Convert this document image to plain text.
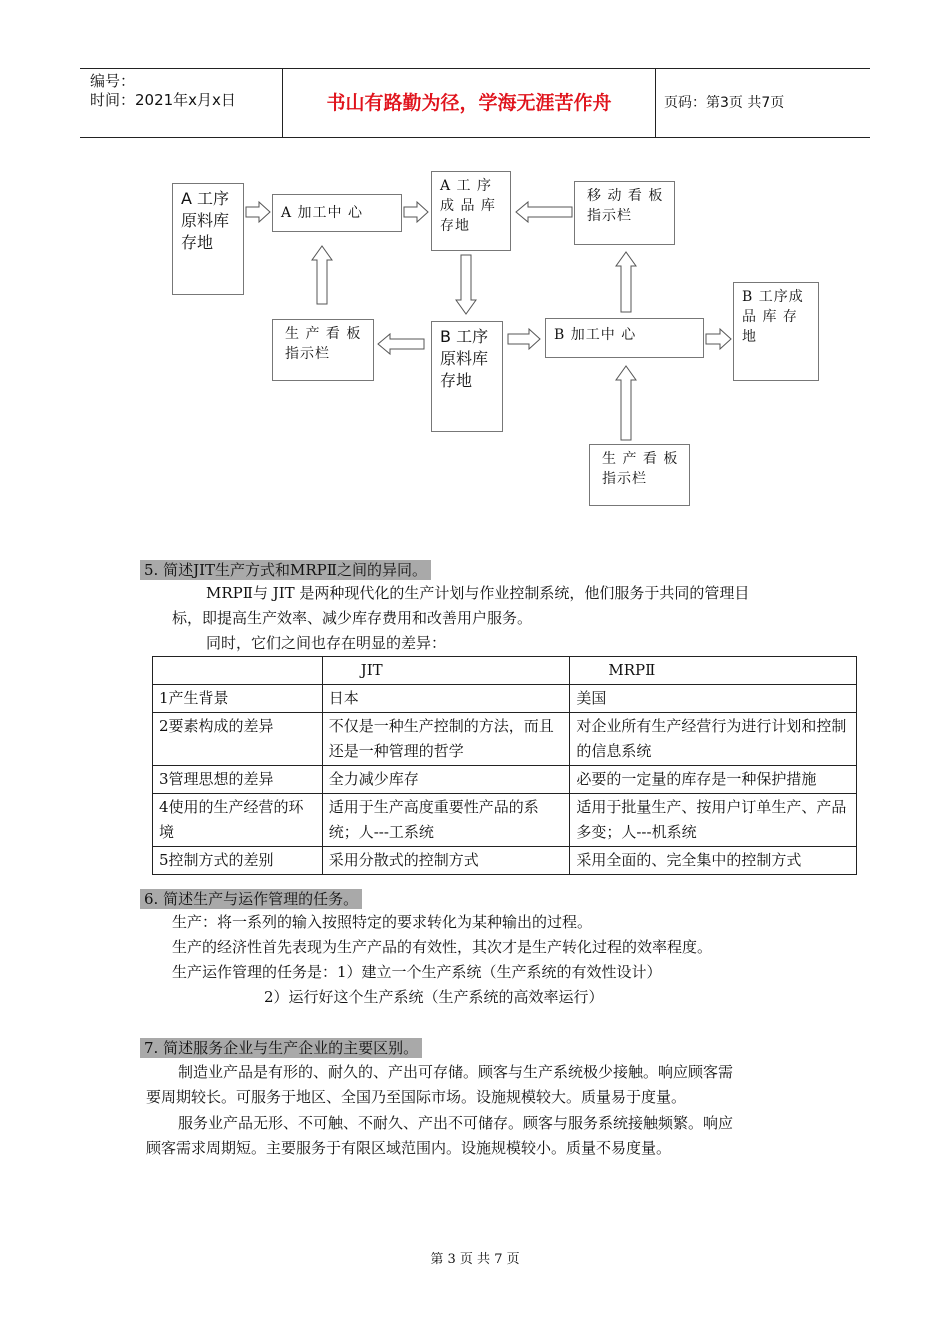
编号：
时间：2021年x月x日	书山有路勤为径，学海无涯苦作舟	页码：第3页 共7页
A 工序
原料库
存地
A 加工中 心
A 工 序
成 品 库
存地
移 动 看 板
指示栏
生 产 看 板
指示栏
B 工序
原料库
存地
B 加工中 心
B 工序成
品 库 存
地
生 产 看 板
指示栏
5. 简述JIT生产方式和MRPⅡ之间的异同。
MRPⅡ与 JIT 是两种现代化的生产计划与作业控制系统，他们服务于共同的管理目
标，即提高生产效率、减少库存费用和改善用户服务。
同时，它们之间也存在明显的差异：
	JIT	MRPⅡ
1产生背景	日本	美国
2要素构成的差异	不仅是一种生产控制的方法，而且还是一种管理的哲学	对企业所有生产经营行为进行计划和控制的信息系统
3管理思想的差异	全力减少库存	必要的一定量的库存是一种保护措施
4使用的生产经营的环境	适用于生产高度重要性产品的系统；人---工系统	适用于批量生产、按用户订单生产、产品多变；人---机系统
5控制方式的差别	采用分散式的控制方式	采用全面的、完全集中的控制方式
6. 简述生产与运作管理的任务。
生产：将一系列的输入按照特定的要求转化为某种输出的过程。
生产的经济性首先表现为生产产品的有效性，其次才是生产转化过程的效率程度。
生产运作管理的任务是：1）建立一个生产系统（生产系统的有效性设计）
2）运行好这个生产系统（生产系统的高效率运行）
7. 简述服务企业与生产企业的主要区别。
制造业产品是有形的、耐久的、产出可存储。顾客与生产系统极少接触。响应顾客需
要周期较长。可服务于地区、全国乃至国际市场。设施规模较大。质量易于度量。
服务业产品无形、不可触、不耐久、产出不可储存。顾客与服务系统接触频繁。响应
顾客需求周期短。主要服务于有限区域范围内。设施规模较小。质量不易度量。
第 3 页 共 7 页
